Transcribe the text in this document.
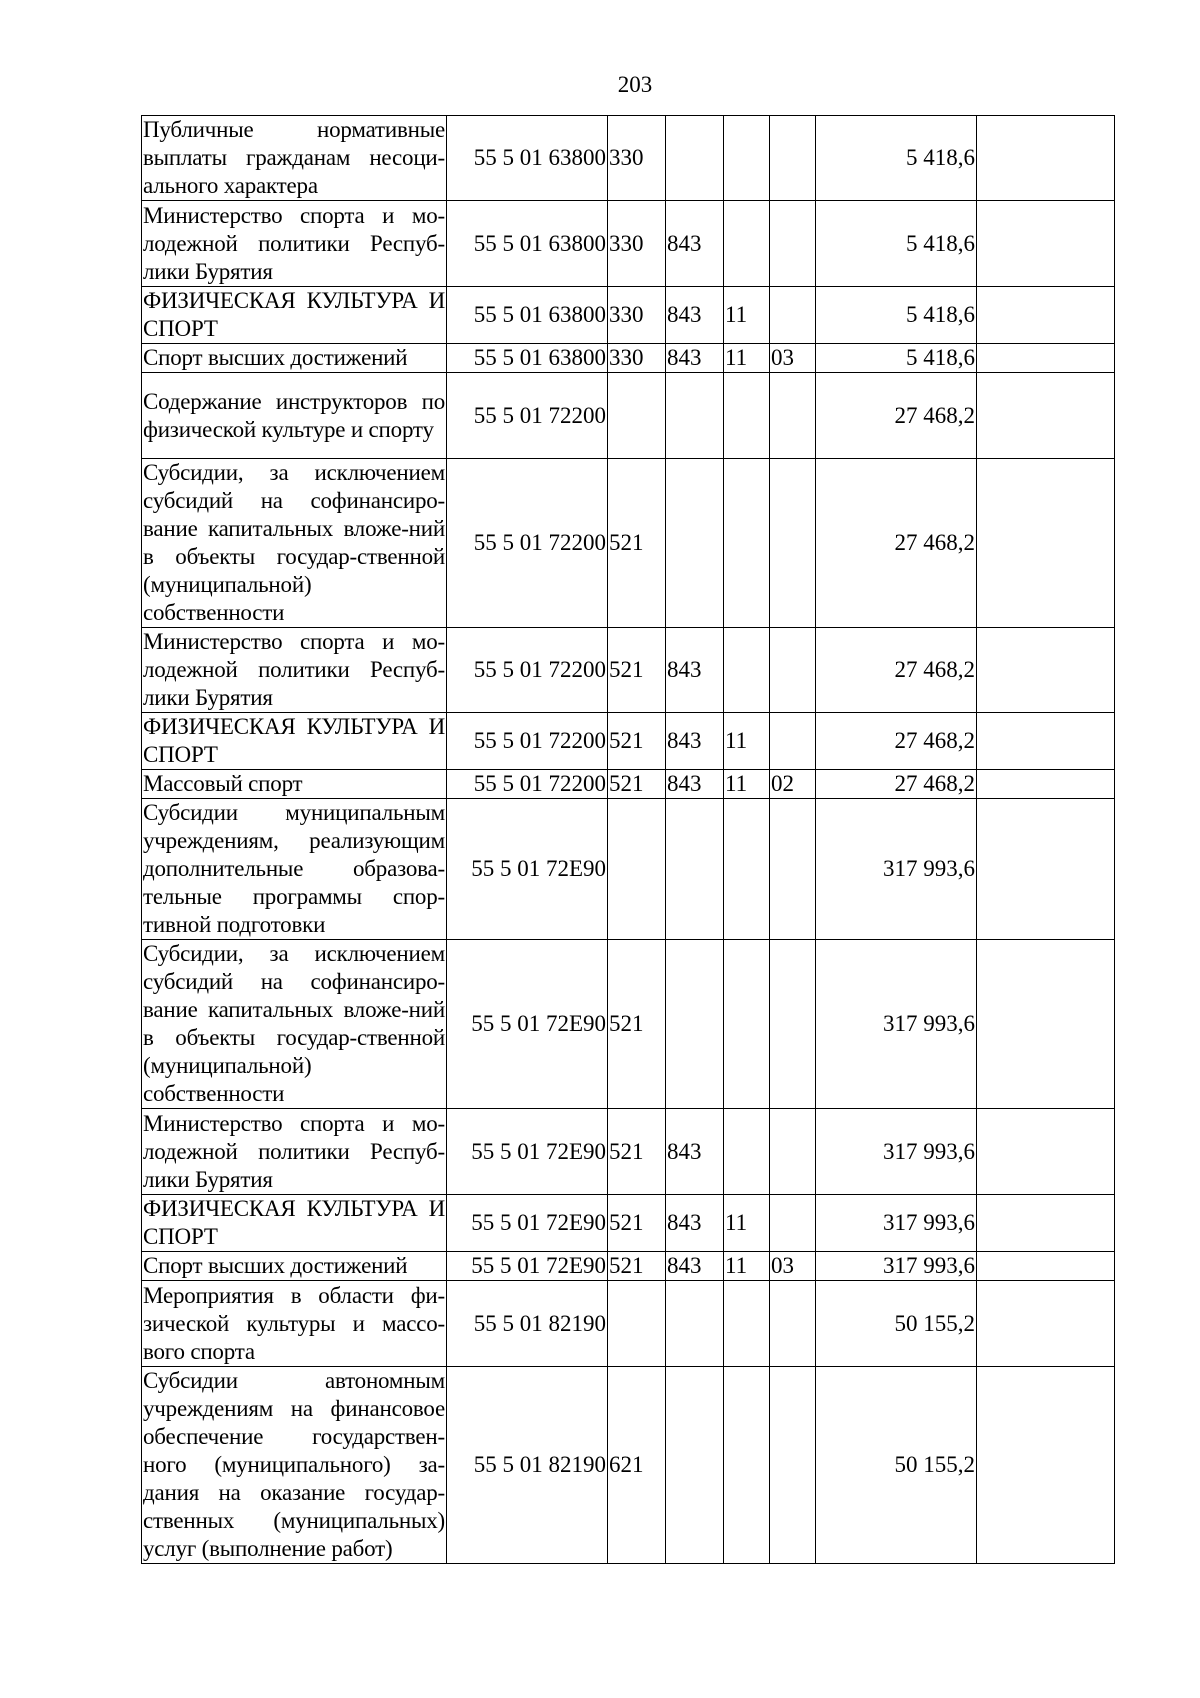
203
Публичные нормативные выплаты гражданам несоци-ального характера	55 5 01 63800	330				5 418,6	
Министерство спорта и мо-лодежной политики Респуб-лики Бурятия	55 5 01 63800	330	843			5 418,6	
ФИЗИЧЕСКАЯ КУЛЬТУРА И СПОРТ	55 5 01 63800	330	843	11		5 418,6	
Спорт высших достижений	55 5 01 63800	330	843	11	03	5 418,6	
Содержание инструкторов по физической культуре и спорту	55 5 01 72200					27 468,2	
Субсидии, за исключением субсидий на софинансиро-вание капитальных вложе-ний в объекты государ-ственной (муниципальной) собственности	55 5 01 72200	521				27 468,2	
Министерство спорта и мо-лодежной политики Респуб-лики Бурятия	55 5 01 72200	521	843			27 468,2	
ФИЗИЧЕСКАЯ КУЛЬТУРА И СПОРТ	55 5 01 72200	521	843	11		27 468,2	
Массовый спорт	55 5 01 72200	521	843	11	02	27 468,2	
Субсидии муниципальным учреждениям, реализующим дополнительные образова-тельные программы спор-тивной подготовки	55 5 01 72E90					317 993,6	
Субсидии, за исключением субсидий на софинансиро-вание капитальных вложе-ний в объекты государ-ственной (муниципальной) собственности	55 5 01 72E90	521				317 993,6	
Министерство спорта и мо-лодежной политики Респуб-лики Бурятия	55 5 01 72E90	521	843			317 993,6	
ФИЗИЧЕСКАЯ КУЛЬТУРА И СПОРТ	55 5 01 72E90	521	843	11		317 993,6	
Спорт высших достижений	55 5 01 72E90	521	843	11	03	317 993,6	
Мероприятия в области фи-зической культуры и массо-вого спорта	55 5 01 82190					50 155,2	
Субсидии автономным учреждениям на финансовое обеспечение государствен-ного (муниципального) за-дания на оказание государ-ственных (муниципальных) услуг (выполнение работ)	55 5 01 82190	621				50 155,2	
